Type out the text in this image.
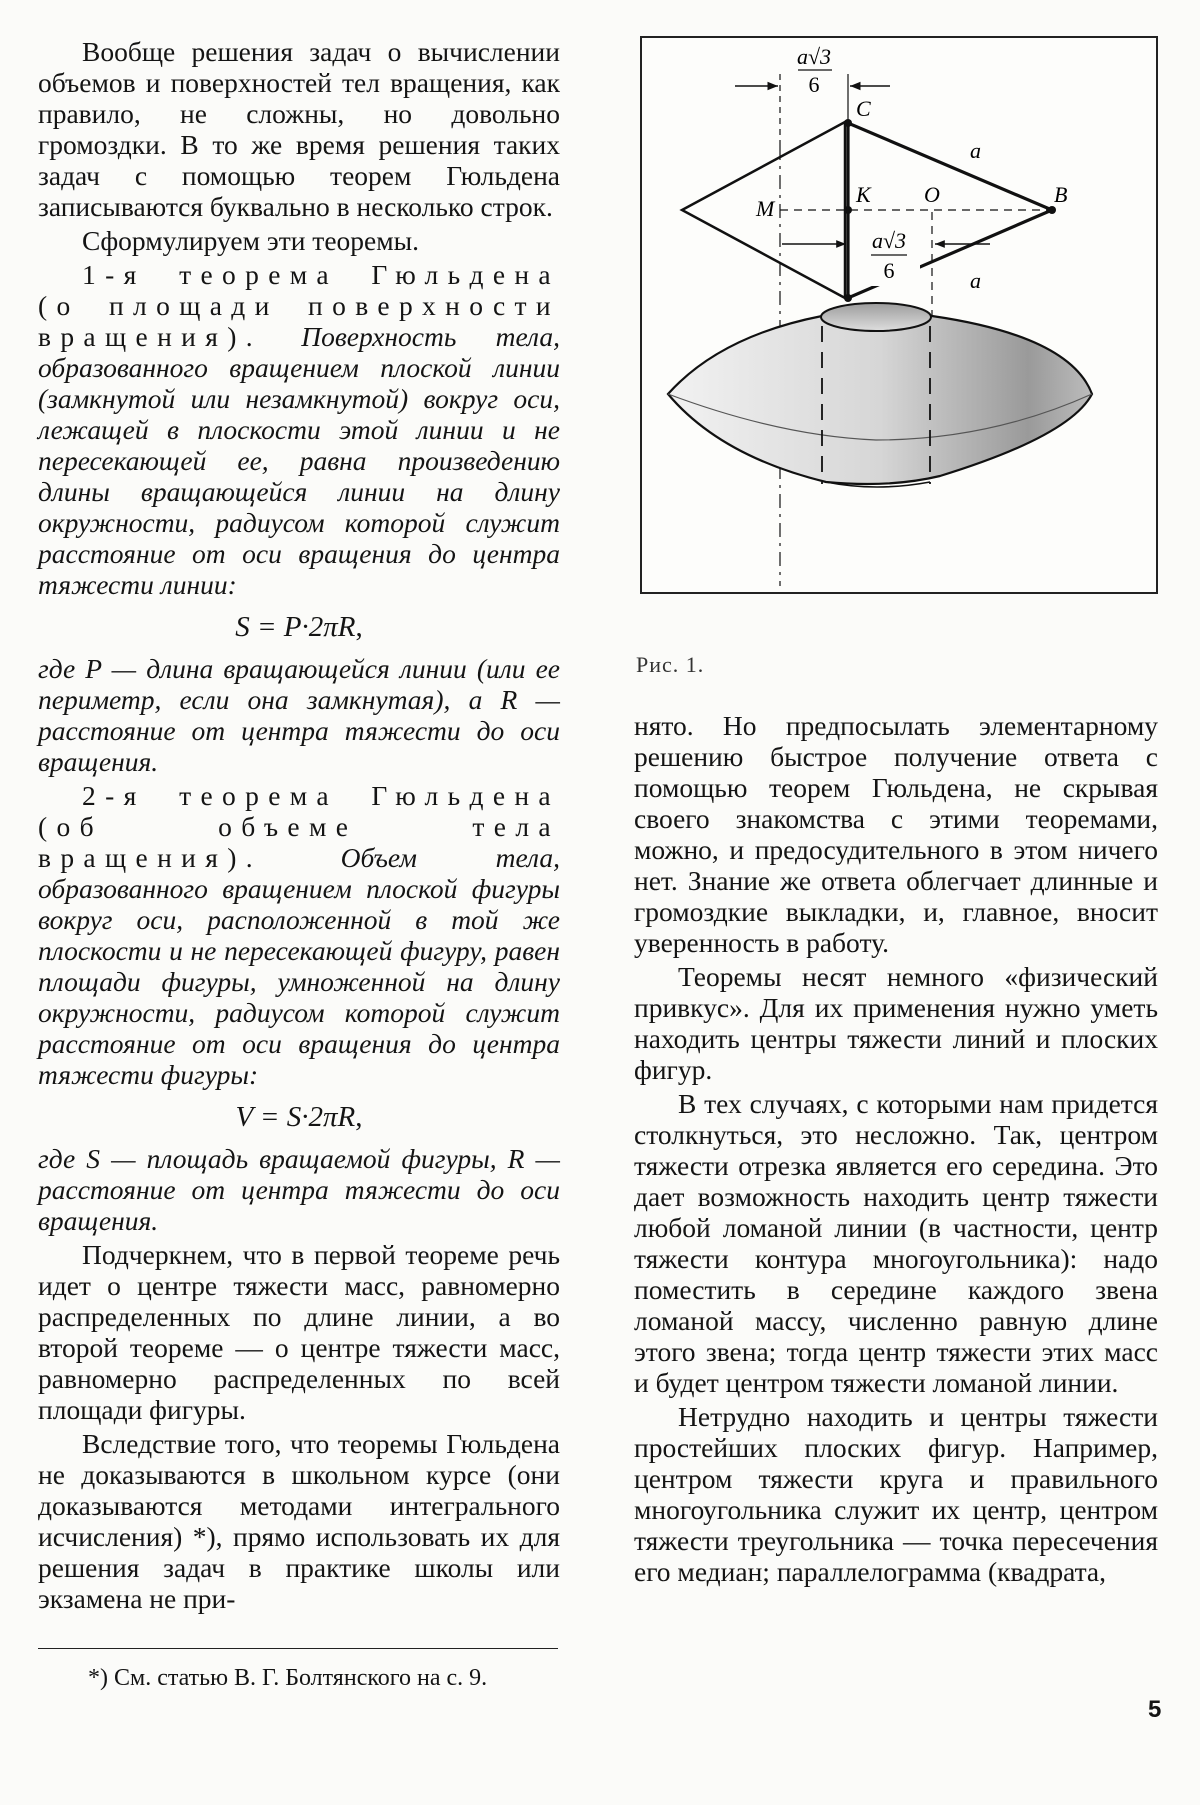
Вообще решения задач о вычислении объемов и поверхностей тел вращения, как правило, не сложны, но довольно громоздки. В то же время решения таких задач с помощью теорем Гюльдена записываются буквально в несколько строк.

Сформулируем эти теоремы.

1-я теорема Гюльдена (о площади поверхности вращения). Поверхность тела, образованного вращением плоской линии (замкнутой или незамкнутой) вокруг оси, лежащей в плоскости этой линии и не пересекающей ее, равна произведению длины вращающейся линии на длину окружности, радиусом которой служит расстояние от оси вращения до центра тяжести линии:

S = P·2πR,

где P — длина вращающейся линии (или ее периметр, если она замкнутая), а R — расстояние от центра тяжести до оси вращения.

2-я теорема Гюльдена (об объеме тела вращения).	Объем тела, образованного вращением плоской фигуры вокруг оси, расположенной в той же плоскости и не пересекающей фигуру, равен площади фигуры, умноженной на длину окружности, радиусом которой служит расстояние от оси вращения до центра тяжести фигуры:

V = S·2πR,

где S — площадь вращаемой фигуры, R — расстояние от центра тяжести до оси вращения.

Подчеркнем, что в первой теореме речь идет о центре тяжести масс, равномерно распределенных по длине линии, а во второй теореме — о центре тяжести масс, равномерно распределенных по всей площади фигуры.

Вследствие того, что теоремы Гюльдена не доказываются в школьном курсе (они доказываются методами интегрального исчисления) *), прямо использовать их для решения задач в практике школы или экзамена не при-

*) См. статью В. Г. Болтянского на с. 9.
a√3
6
C
B
K O
M
a
a
a√3
6
Рис. 1.

нято. Но предпосылать элементарному решению быстрое получение ответа с помощью теорем Гюльдена, не скрывая своего знакомства с этими теоремами, можно, и предосудительного в этом ничего нет. Знание же ответа облегчает длинные и громоздкие выкладки, и, главное, вносит уверенность в работу.

Теоремы несят немного «физический привкус». Для их применения нужно уметь находить центры тяжести линий и плоских фигур.

В тех случаях, с которыми нам придется столкнуться, это несложно. Так, центром тяжести отрезка является его середина. Это дает возможность находить центр тяжести любой ломаной линии (в частности, центр тяжести контура многоугольника): надо поместить в середине каждого звена ломаной массу, численно равную длине этого звена; тогда центр тяжести этих масс и будет центром тяжести ломаной линии.

Нетрудно находить и центры тяжести простейших плоских фигур. Например, центром тяжести круга и правильного многоугольника служит их центр, центром тяжести треугольника — точка пересечения его медиан; параллелограмма (квадрата,

5
